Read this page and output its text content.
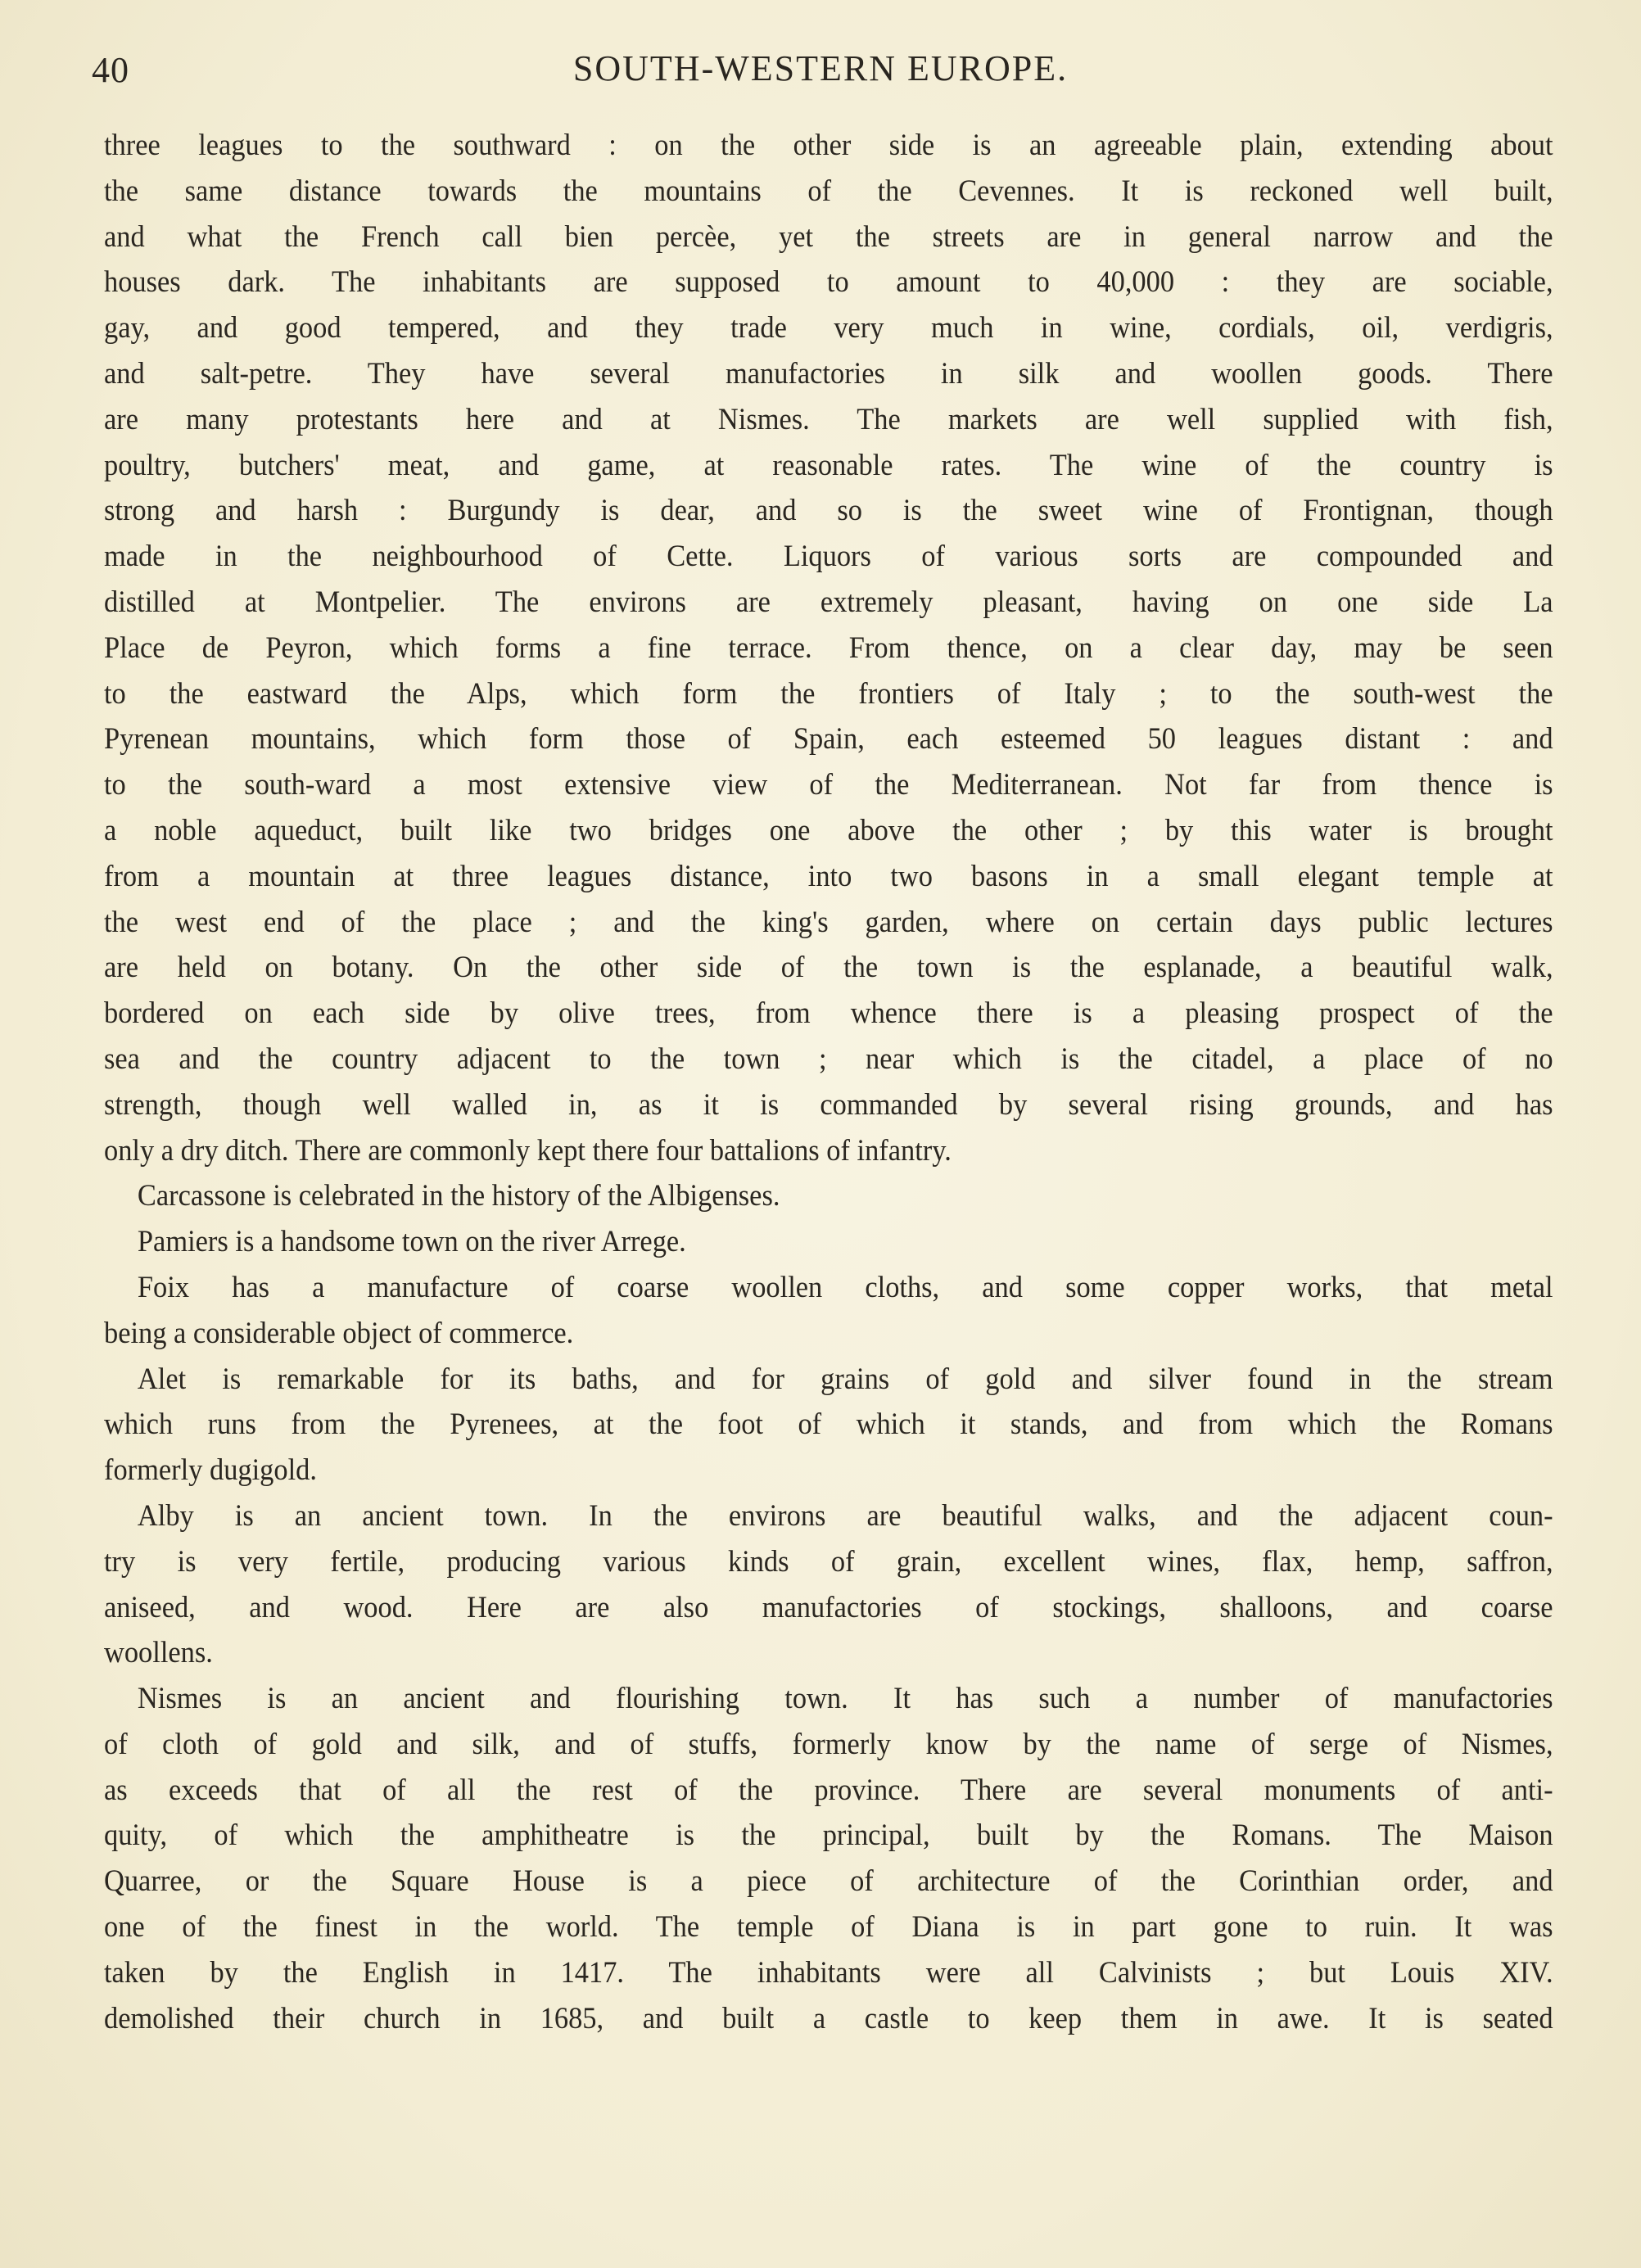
40	SOUTH-WESTERN EUROPE.
three leagues to the southward : on the other side is an agreeable plain, extending about
the same distance towards the mountains of the Cevennes. It is reckoned well built,
and what the French call bien percèe, yet the streets are in general narrow and the
houses dark. The inhabitants are supposed to amount to 40,000 : they are sociable,
gay, and good tempered, and they trade very much in wine, cordials, oil, verdigris,
and salt-petre. They have several manufactories in silk and woollen goods. There
are many protestants here and at Nismes. The markets are well supplied with fish,
poultry, butchers' meat, and game, at reasonable rates. The wine of the country is
strong and harsh : Burgundy is dear, and so is the sweet wine of Frontignan, though
made in the neighbourhood of Cette. Liquors of various sorts are compounded and
distilled at Montpelier. The environs are extremely pleasant, having on one side La
Place de Peyron, which forms a fine terrace. From thence, on a clear day, may be seen
to the eastward the Alps, which form the frontiers of Italy ; to the south-west the
Pyrenean mountains, which form those of Spain, each esteemed 50 leagues distant : and
to the south-ward a most extensive view of the Mediterranean. Not far from thence is
a noble aqueduct, built like two bridges one above the other ; by this water is brought
from a mountain at three leagues distance, into two basons in a small elegant temple at
the west end of the place ; and the king's garden, where on certain days public lectures
are held on botany. On the other side of the town is the esplanade, a beautiful walk,
bordered on each side by olive trees, from whence there is a pleasing prospect of the
sea and the country adjacent to the town ; near which is the citadel, a place of no
strength, though well walled in, as it is commanded by several rising grounds, and has
only a dry ditch. There are commonly kept there four battalions of infantry.
Carcassone is celebrated in the history of the Albigenses.
Pamiers is a handsome town on the river Arrege.
Foix has a manufacture of coarse woollen cloths, and some copper works, that metal
being a considerable object of commerce.
Alet is remarkable for its baths, and for grains of gold and silver found in the stream
which runs from the Pyrenees, at the foot of which it stands, and from which the Romans
formerly dugigold.
Alby is an ancient town. In the environs are beautiful walks, and the adjacent coun-
try is very fertile, producing various kinds of grain, excellent wines, flax, hemp, saffron,
aniseed, and wood. Here are also manufactories of stockings, shalloons, and coarse
woollens.
Nismes is an ancient and flourishing town. It has such a number of manufactories
of cloth of gold and silk, and of stuffs, formerly know by the name of serge of Nismes,
as exceeds that of all the rest of the province. There are several monuments of anti-
quity, of which the amphitheatre is the principal, built by the Romans. The Maison
Quarree, or the Square House is a piece of architecture of the Corinthian order, and
one of the finest in the world. The temple of Diana is in part gone to ruin. It was
taken by the English in 1417. The inhabitants were all Calvinists ; but Louis XIV.
demolished their church in 1685, and built a castle to keep them in awe. It is seated
